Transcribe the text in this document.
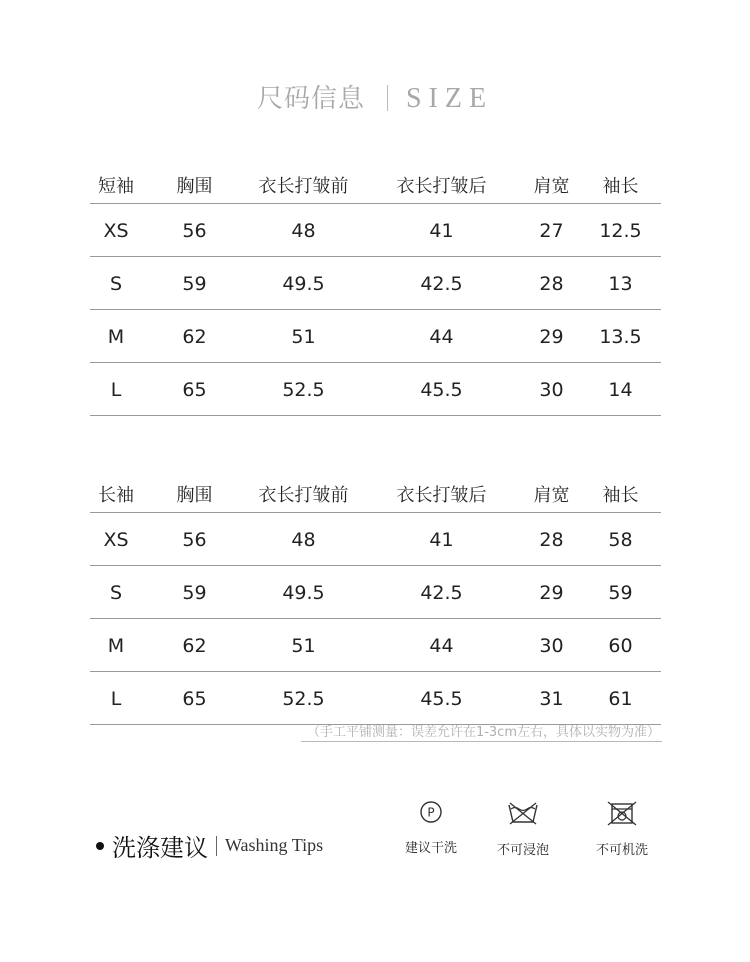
尺码信息 SIZE
短袖	胸围	衣长打皱前	衣长打皱后	肩宽	袖长
XS	56	48	41	27	12.5
S	59	49.5	42.5	28	13
M	62	51	44	29	13.5
L	65	52.5	45.5	30	14
长袖	胸围	衣长打皱前	衣长打皱后	肩宽	袖长
XS	56	48	41	28	58
S	59	49.5	42.5	29	59
M	62	51	44	30	60
L	65	52.5	45.5	31	61
（手工平铺测量：误差允许在1-3cm左右，具体以实物为准）
洗涤建议 Washing Tips
P
建议干洗	不可浸泡	不可机洗
